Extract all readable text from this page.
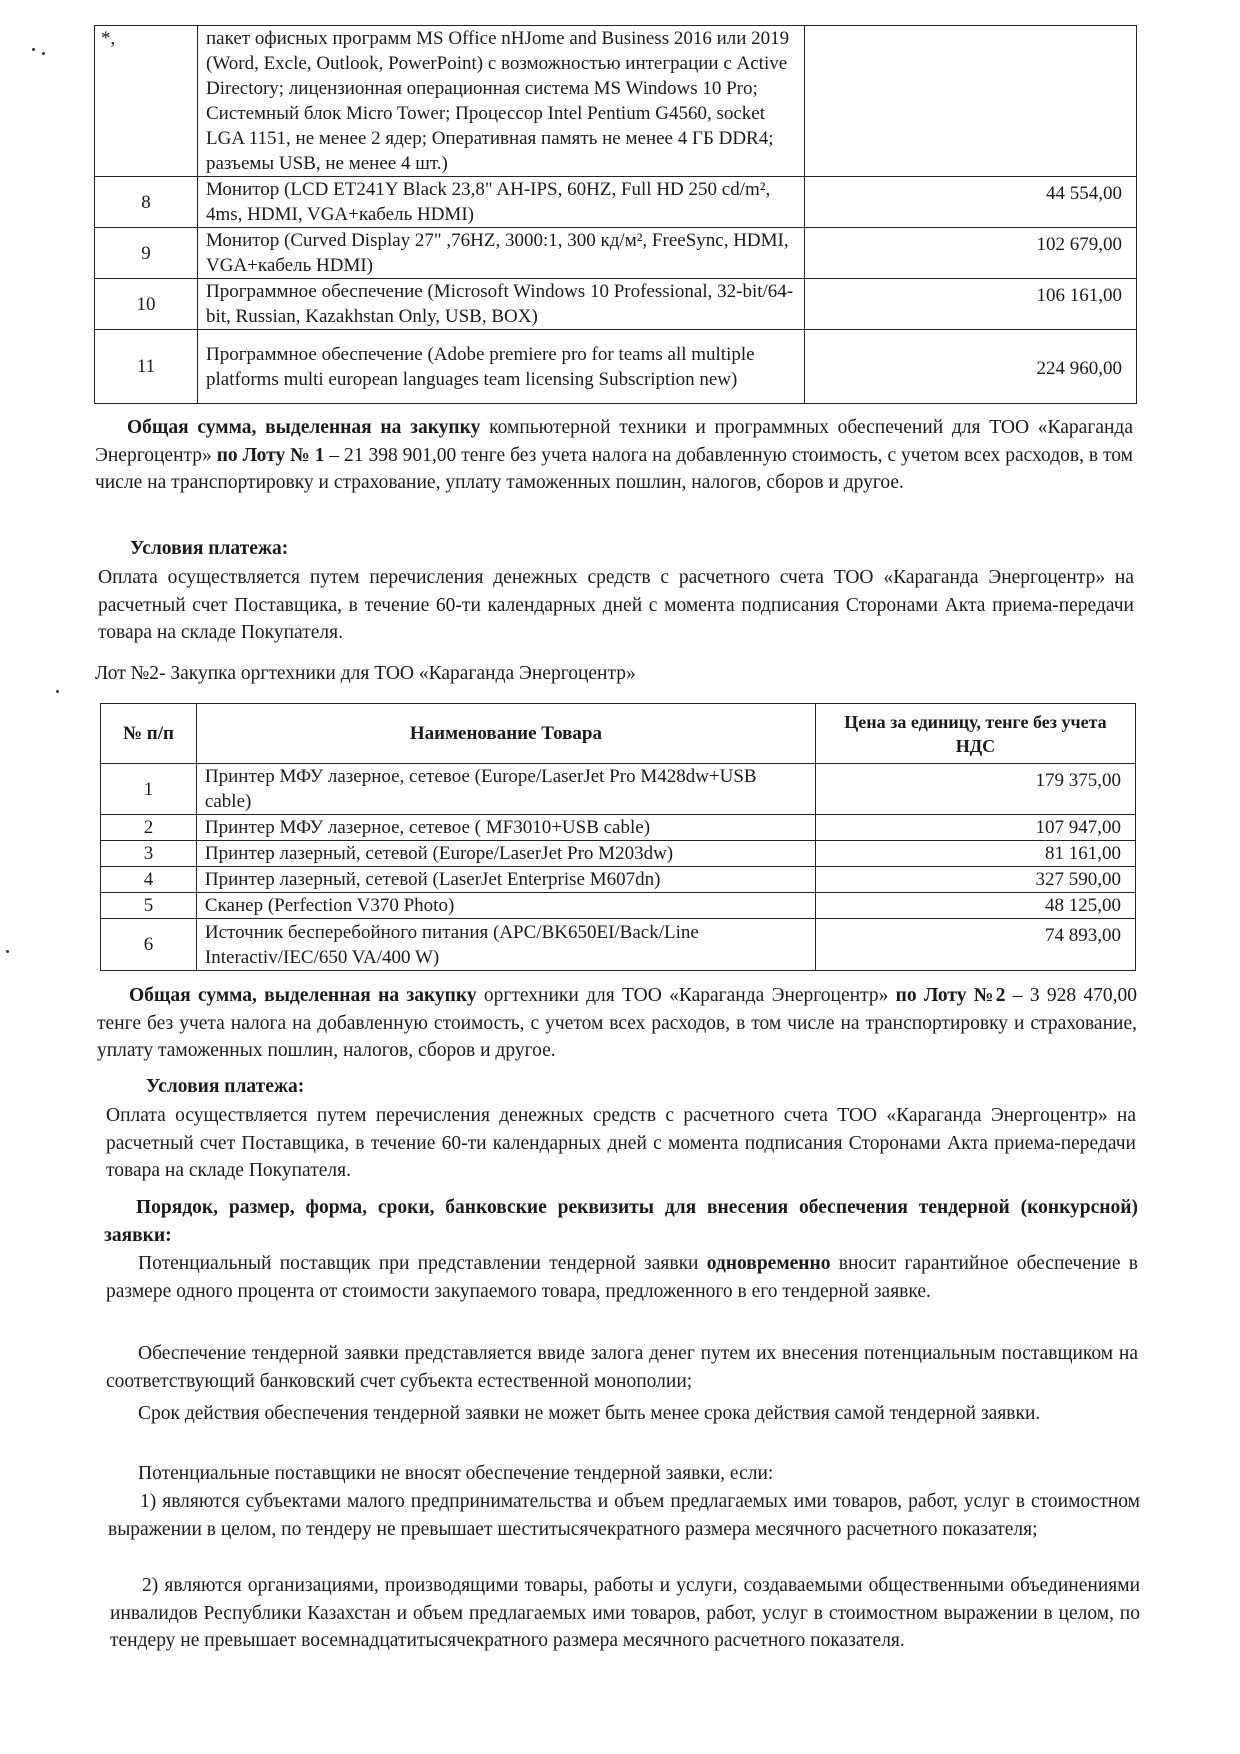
*,	пакет офисных программ MS Office nHJome and Business 2016 или 2019 (Word, Excle, Outlook, PowerPoint) с возможностью интеграции с Active Directory; лицензионная операционная система MS Windows 10 Pro; Системный блок Micro Tower; Процессор Intel Pentium G4560, socket LGA 1151, не менее 2 ядер; Оперативная память не менее 4 ГБ DDR4; разъемы USB, не менее 4 шт.)	
8	Монитор (LCD ET241Y Black 23,8" AH-IPS, 60HZ, Full HD 250 cd/m², 4ms, HDMI, VGA+кабель HDMI)	44 554,00
9	Монитор (Curved Display 27" ,76HZ, 3000:1, 300 кд/м², FreeSync, HDMI, VGA+кабель HDMI)	102 679,00
10	Программное обеспечение (Microsoft Windows 10 Professional, 32-bit/64-bit, Russian, Kazakhstan Only, USB, BOX)	106 161,00
11	Программное обеспечение (Adobe premiere pro for teams all multiple platforms multi european languages team licensing Subscription new)	224 960,00
Общая сумма, выделенная на закупку компьютерной техники и программных обеспечений для ТОО «Караганда Энергоцентр» по Лоту № 1 – 21 398 901,00 тенге без учета налога на добавленную стоимость, с учетом всех расходов, в том числе на транспортировку и страхование, уплату таможенных пошлин, налогов, сборов и другое.
Условия платежа:
Оплата осуществляется путем перечисления денежных средств с расчетного счета ТОО «Караганда Энергоцентр» на расчетный счет Поставщика, в течение 60-ти календарных дней с момента подписания Сторонами Акта приема-передачи товара на складе Покупателя.
Лот №2- Закупка оргтехники для ТОО «Караганда Энергоцентр»
№ п/п	Наименование Товара	Цена за единицу, тенге без учета НДС
1	Принтер МФУ лазерное, сетевое (Europe/LaserJet Pro M428dw+USB cable)	179 375,00
2	Принтер МФУ лазерное, сетевое ( MF3010+USB cable)	107 947,00
3	Принтер лазерный, сетевой (Europe/LaserJet Pro M203dw)	81 161,00
4	Принтер лазерный, сетевой (LaserJet Enterprise M607dn)	327 590,00
5	Сканер (Perfection V370 Photo)	48 125,00
6	Источник бесперебойного питания (APC/BK650EI/Back/Line Interactiv/IEC/650 VA/400 W)	74 893,00
Общая сумма, выделенная на закупку оргтехники для ТОО «Караганда Энергоцентр» по Лоту №2 – 3 928 470,00 тенге без учета налога на добавленную стоимость, с учетом всех расходов, в том числе на транспортировку и страхование, уплату таможенных пошлин, налогов, сборов и другое.
Условия платежа:
Оплата осуществляется путем перечисления денежных средств с расчетного счета ТОО «Караганда Энергоцентр» на расчетный счет Поставщика, в течение 60-ти календарных дней с момента подписания Сторонами Акта приема-передачи товара на складе Покупателя.
Порядок, размер, форма, сроки, банковские реквизиты для внесения обеспечения тендерной (конкурсной) заявки:
Потенциальный поставщик при представлении тендерной заявки одновременно вносит гарантийное обеспечение в размере одного процента от стоимости закупаемого товара, предложенного в его тендерной заявке.
Обеспечение тендерной заявки представляется ввиде залога денег путем их внесения потенциальным поставщиком на соответствующий банковский счет субъекта естественной монополии;
Срок действия обеспечения тендерной заявки не может быть менее срока действия самой тендерной заявки.
Потенциальные поставщики не вносят обеспечение тендерной заявки, если:
1) являются субъектами малого предпринимательства и объем предлагаемых ими товаров, работ, услуг в стоимостном выражении в целом, по тендеру не превышает шеститысячекратного размера месячного расчетного показателя;
2) являются организациями, производящими товары, работы и услуги, создаваемыми общественными объединениями инвалидов Республики Казахстан и объем предлагаемых ими товаров, работ, услуг в стоимостном выражении в целом, по тендеру не превышает восемнадцатитысячекратного размера месячного расчетного показателя.
